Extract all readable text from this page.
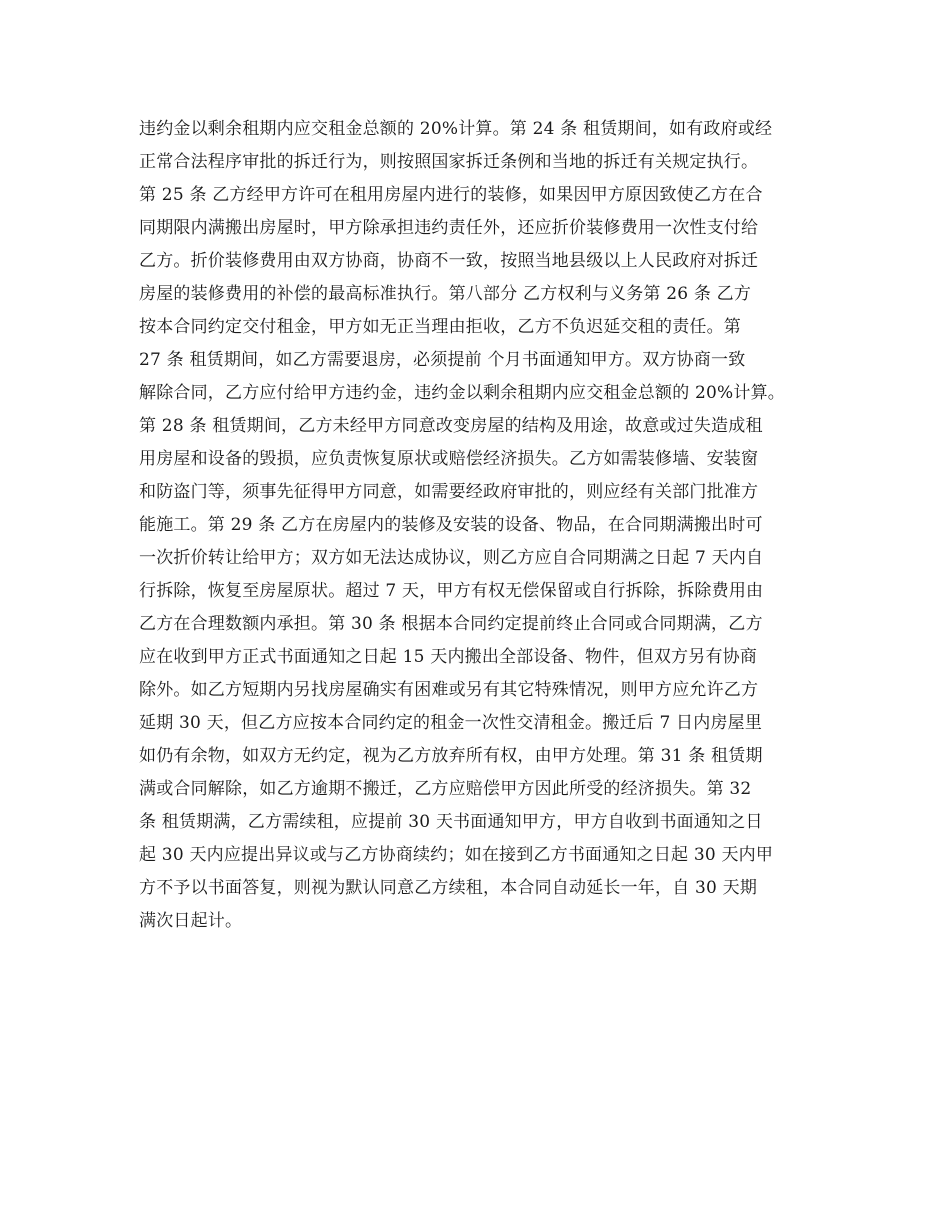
违约金以剩余租期内应交租金总额的 20%计算。第 24 条 租赁期间，如有政府或经
正常合法程序审批的拆迁行为，则按照国家拆迁条例和当地的拆迁有关规定执行。
第 25 条 乙方经甲方许可在租用房屋内进行的装修，如果因甲方原因致使乙方在合
同期限内满搬出房屋时，甲方除承担违约责任外，还应折价装修费用一次性支付给
乙方。折价装修费用由双方协商，协商不一致，按照当地县级以上人民政府对拆迁
房屋的装修费用的补偿的最高标准执行。第八部分 乙方权利与义务第 26 条 乙方
按本合同约定交付租金，甲方如无正当理由拒收，乙方不负迟延交租的责任。第
27 条 租赁期间，如乙方需要退房，必须提前 个月书面通知甲方。双方协商一致
解除合同，乙方应付给甲方违约金，违约金以剩余租期内应交租金总额的 20%计算。
第 28 条 租赁期间，乙方未经甲方同意改变房屋的结构及用途，故意或过失造成租
用房屋和设备的毁损，应负责恢复原状或赔偿经济损失。乙方如需装修墙、安装窗
和防盗门等，须事先征得甲方同意，如需要经政府审批的，则应经有关部门批准方
能施工。第 29 条 乙方在房屋内的装修及安装的设备、物品，在合同期满搬出时可
一次折价转让给甲方；双方如无法达成协议，则乙方应自合同期满之日起 7 天内自
行拆除，恢复至房屋原状。超过 7 天，甲方有权无偿保留或自行拆除，拆除费用由
乙方在合理数额内承担。第 30 条 根据本合同约定提前终止合同或合同期满，乙方
应在收到甲方正式书面通知之日起 15 天内搬出全部设备、物件，但双方另有协商
除外。如乙方短期内另找房屋确实有困难或另有其它特殊情况，则甲方应允许乙方
延期 30 天，但乙方应按本合同约定的租金一次性交清租金。搬迁后 7 日内房屋里
如仍有余物，如双方无约定，视为乙方放弃所有权，由甲方处理。第 31 条 租赁期
满或合同解除，如乙方逾期不搬迁，乙方应赔偿甲方因此所受的经济损失。第 32
条 租赁期满，乙方需续租，应提前 30 天书面通知甲方，甲方自收到书面通知之日
起 30 天内应提出异议或与乙方协商续约；如在接到乙方书面通知之日起 30 天内甲
方不予以书面答复，则视为默认同意乙方续租，本合同自动延长一年，自 30 天期
满次日起计。
